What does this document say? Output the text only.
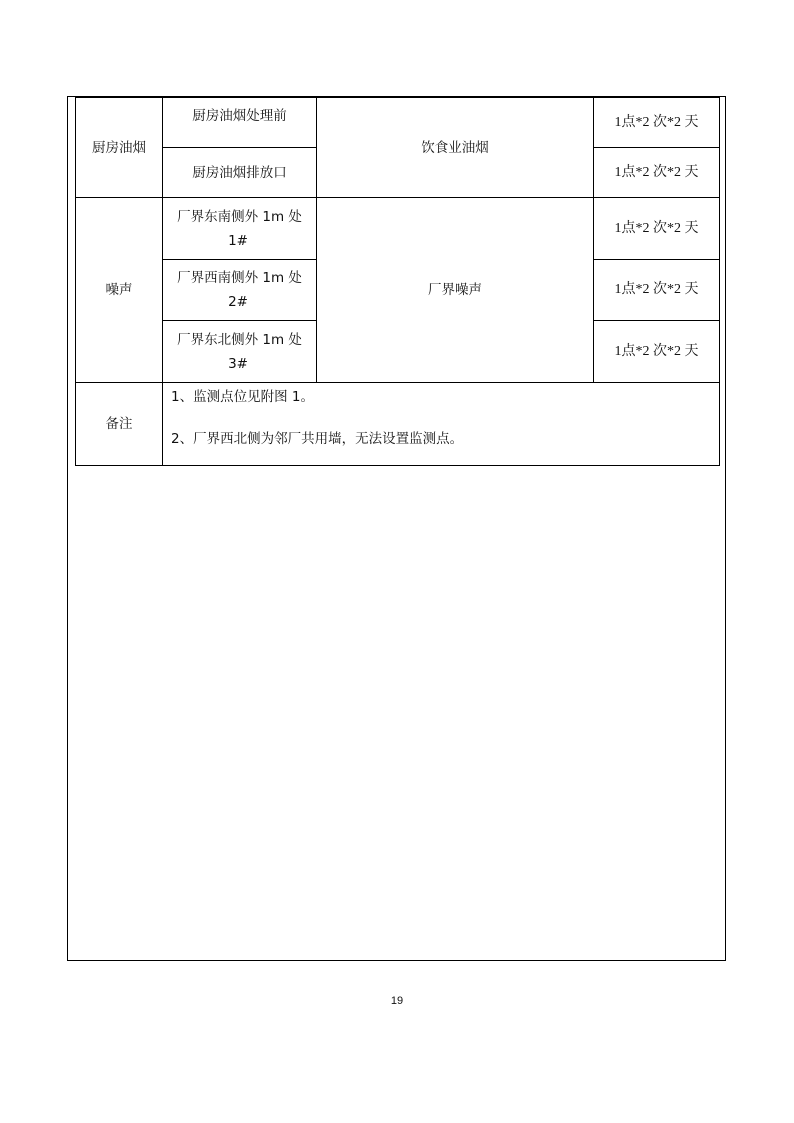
厨房油烟
厨房油烟处理前
厨房油烟排放口
饮食业油烟
1点*2 次*2 天
1点*2 次*2 天
噪声
厂界东南侧外 1m 处
1#
厂界西南侧外 1m 处
2#
厂界东北侧外 1m 处
3#
厂界噪声
1点*2 次*2 天
1点*2 次*2 天
1点*2 次*2 天
备注
1、监测点位见附图 1。
2、厂界西北侧为邻厂共用墙，无法设置监测点。
19
